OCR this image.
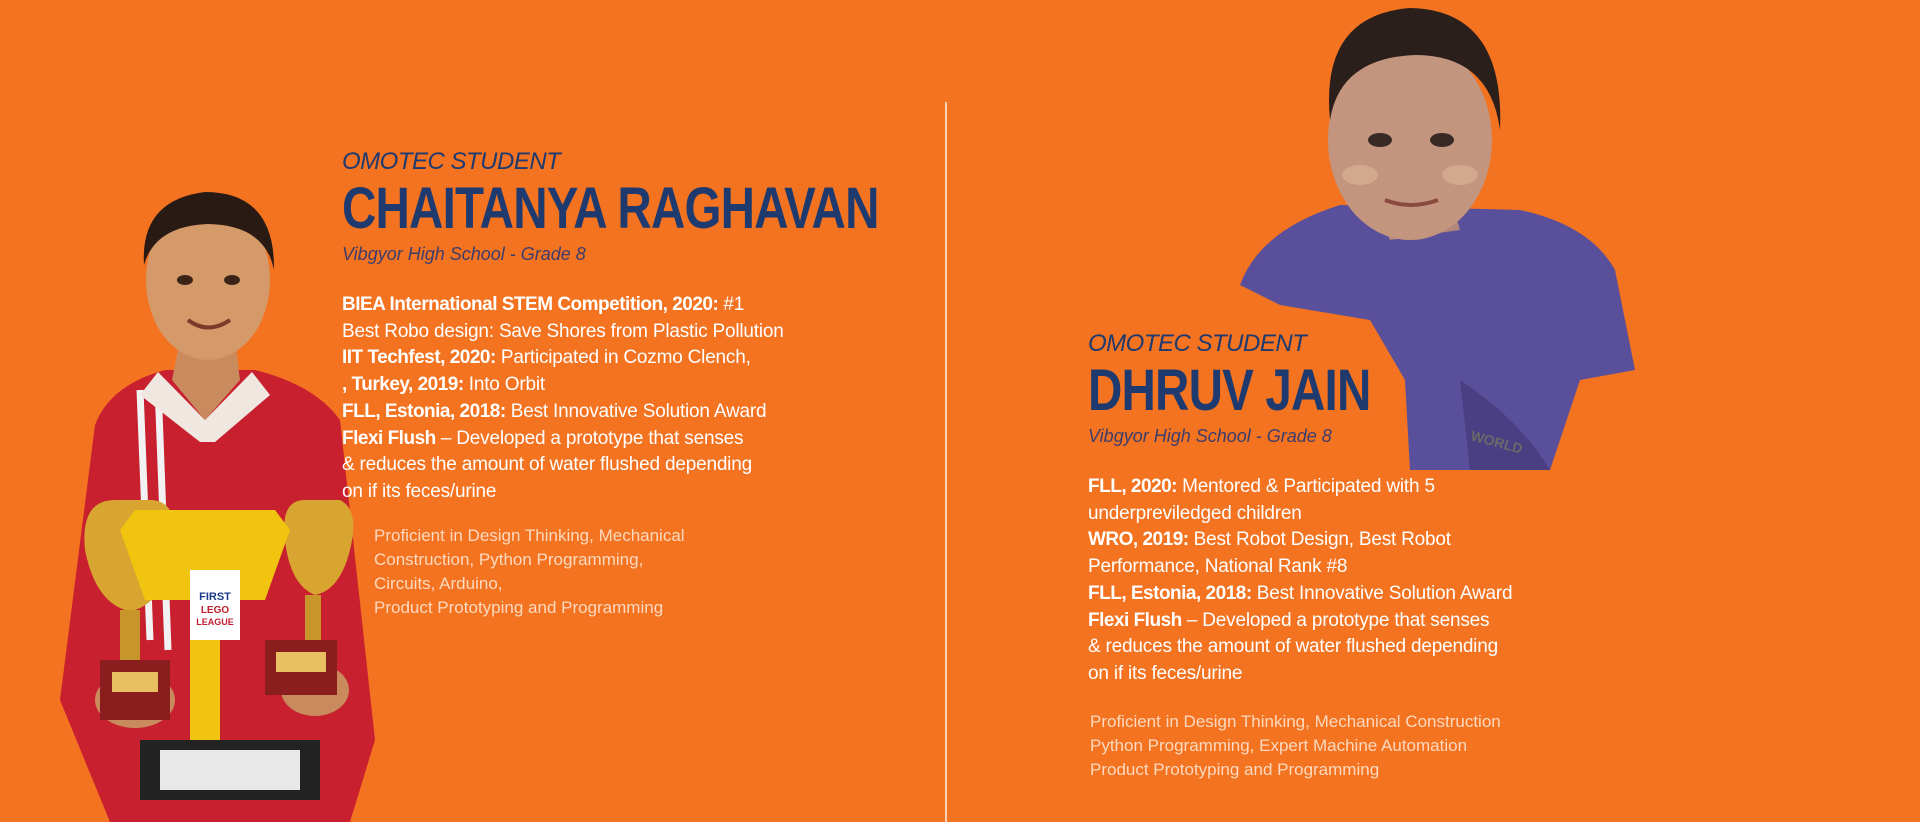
FIRST
LEGO
LEAGUE
WORLD
OMOTEC STUDENT
CHAITANYA RAGHAVAN
Vibgyor High School - Grade 8
BIEA International STEM Competition, 2020: #1
Best Robo design: Save Shores from Plastic Pollution
IIT Techfest, 2020: Participated in Cozmo Clench,
, Turkey, 2019: Into Orbit
FLL, Estonia, 2018: Best Innovative Solution Award
Flexi Flush – Developed a prototype that senses
& reduces the amount of water flushed depending
on if its feces/urine
Proficient in Design Thinking, Mechanical
Construction, Python Programming,
Circuits, Arduino,
Product Prototyping and Programming
OMOTEC STUDENT
DHRUV JAIN
Vibgyor High School - Grade 8
FLL, 2020: Mentored & Participated with 5
underpreviledged children
WRO, 2019: Best Robot Design, Best Robot
Performance, National Rank #8
FLL, Estonia, 2018: Best Innovative Solution Award
Flexi Flush – Developed a prototype that senses
& reduces the amount of water flushed depending
on if its feces/urine
Proficient in Design Thinking, Mechanical Construction
Python Programming, Expert Machine Automation
Product Prototyping and Programming
